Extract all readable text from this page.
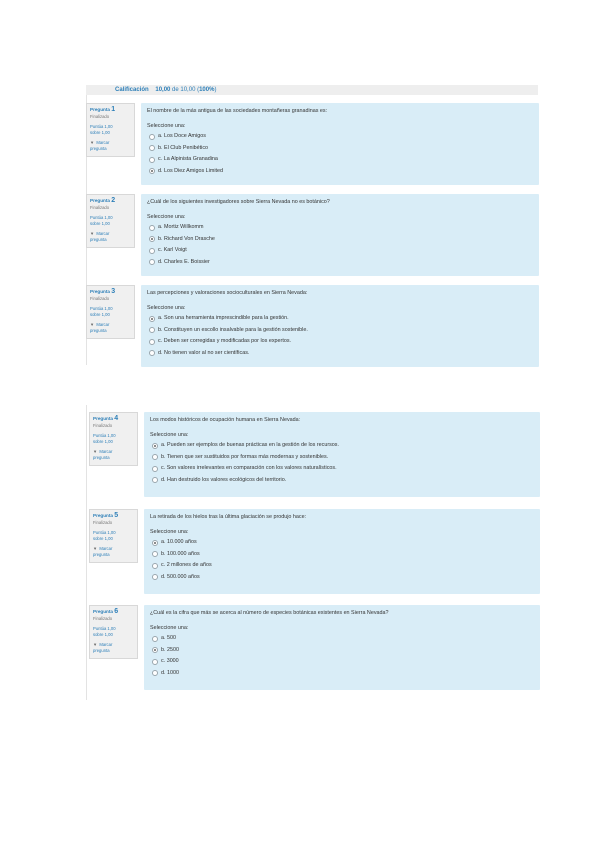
Calificación 10,00 de 10,00 (100%)
Pregunta 1
Finalizado
Puntúa 1,00
sobre 1,00
▼ Marcar
pregunta
El nombre de la más antigua de las sociedades montañeras granadinas es:
Seleccione una:
a. Los Doce Amigos
b. El Club Penibético
c. La Alpinista Granadina
d. Los Diez Amigos Limited
Pregunta 2
Finalizado
Puntúa 1,00
sobre 1,00
▼ Marcar
pregunta
¿Cuál de los siguientes investigadores sobre Sierra Nevada no es botánico?
Seleccione una:
a. Mortiz Willkomm
b. Richard Von Drasche
c. Karl Voigt
d. Charles E. Boissier
Pregunta 3
Finalizado
Puntúa 1,00
sobre 1,00
▼ Marcar
pregunta
Las percepciones y valoraciones socioculturales en Sierra Nevada:
Seleccione una:
a. Son una herramienta imprescindible para la gestión.
b. Constituyen un escollo insalvable para la gestión sostenible.
c. Deben ser corregidas y modificadas por los expertos.
d. No tienen valor al no ser científicas.
Pregunta 4
Finalizado
Puntúa 1,00
sobre 1,00
▼ Marcar
pregunta
Los modos históricos de ocupación humana en Sierra Nevada:
Seleccione una:
a. Pueden ser ejemplos de buenas prácticas en la gestión de los recursos.
b. Tienen que ser sustituidos por formas más modernas y sostenibles.
c. Son valores irrelevantes en comparación con los valores naturalísticos.
d. Han destruido los valores ecológicos del territorio.
Pregunta 5
Finalizado
Puntúa 1,00
sobre 1,00
▼ Marcar
pregunta
La retirada de los hielos tras la última glaciación se produjo hace:
Seleccione una:
a. 10.000 años
b. 100.000 años
c. 2 millones de años
d. 500.000 años
Pregunta 6
Finalizado
Puntúa 1,00
sobre 1,00
▼ Marcar
pregunta
¿Cuál es la cifra que más se acerca al número de especies botánicas existentes en Sierra Nevada?
Seleccione una:
a. 500
b. 2500
c. 3000
d. 1000
